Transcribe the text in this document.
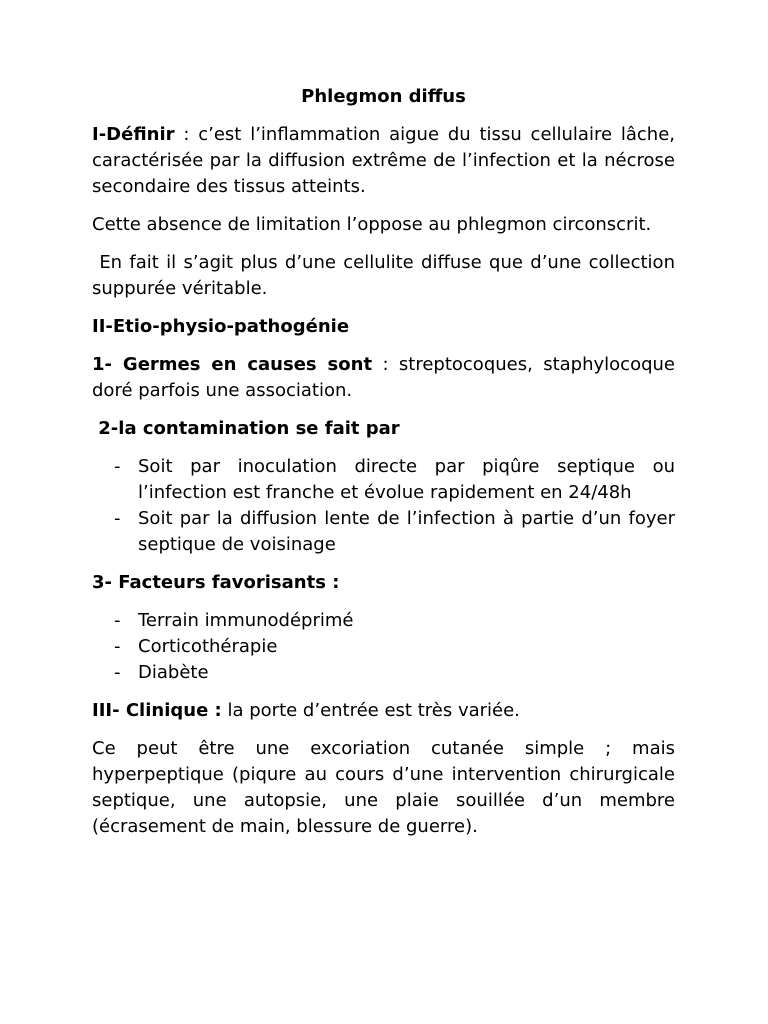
Phlegmon diffus

I-Définir : c’est l’inflammation aigue du tissu cellulaire lâche, caractérisée par la diffusion extrême de l’infection et la nécrose secondaire des tissus atteints.

Cette absence de limitation l’oppose au phlegmon circonscrit.

En fait il s’agit plus d’une cellulite diffuse que d’une collection suppurée véritable.

II-Etio-physio-pathogénie

1- Germes en causes sont : streptocoques, staphylocoque doré parfois une association.

2-la contamination se fait par
- Soit par inoculation directe par piqûre septique ou l’infection est franche et évolue rapidement en 24/48h
- Soit par la diffusion lente de l’infection à partie d’un foyer septique de voisinage
3- Facteurs favorisants :
- Terrain immunodéprimé
- Corticothérapie
- Diabète

III- Clinique : la porte d’entrée est très variée.

Ce peut être une excoriation cutanée simple ; mais hyperpeptique (piqure au cours d’une intervention chirurgicale septique, une autopsie, une plaie souillée d’un membre (écrasement de main, blessure de guerre).
